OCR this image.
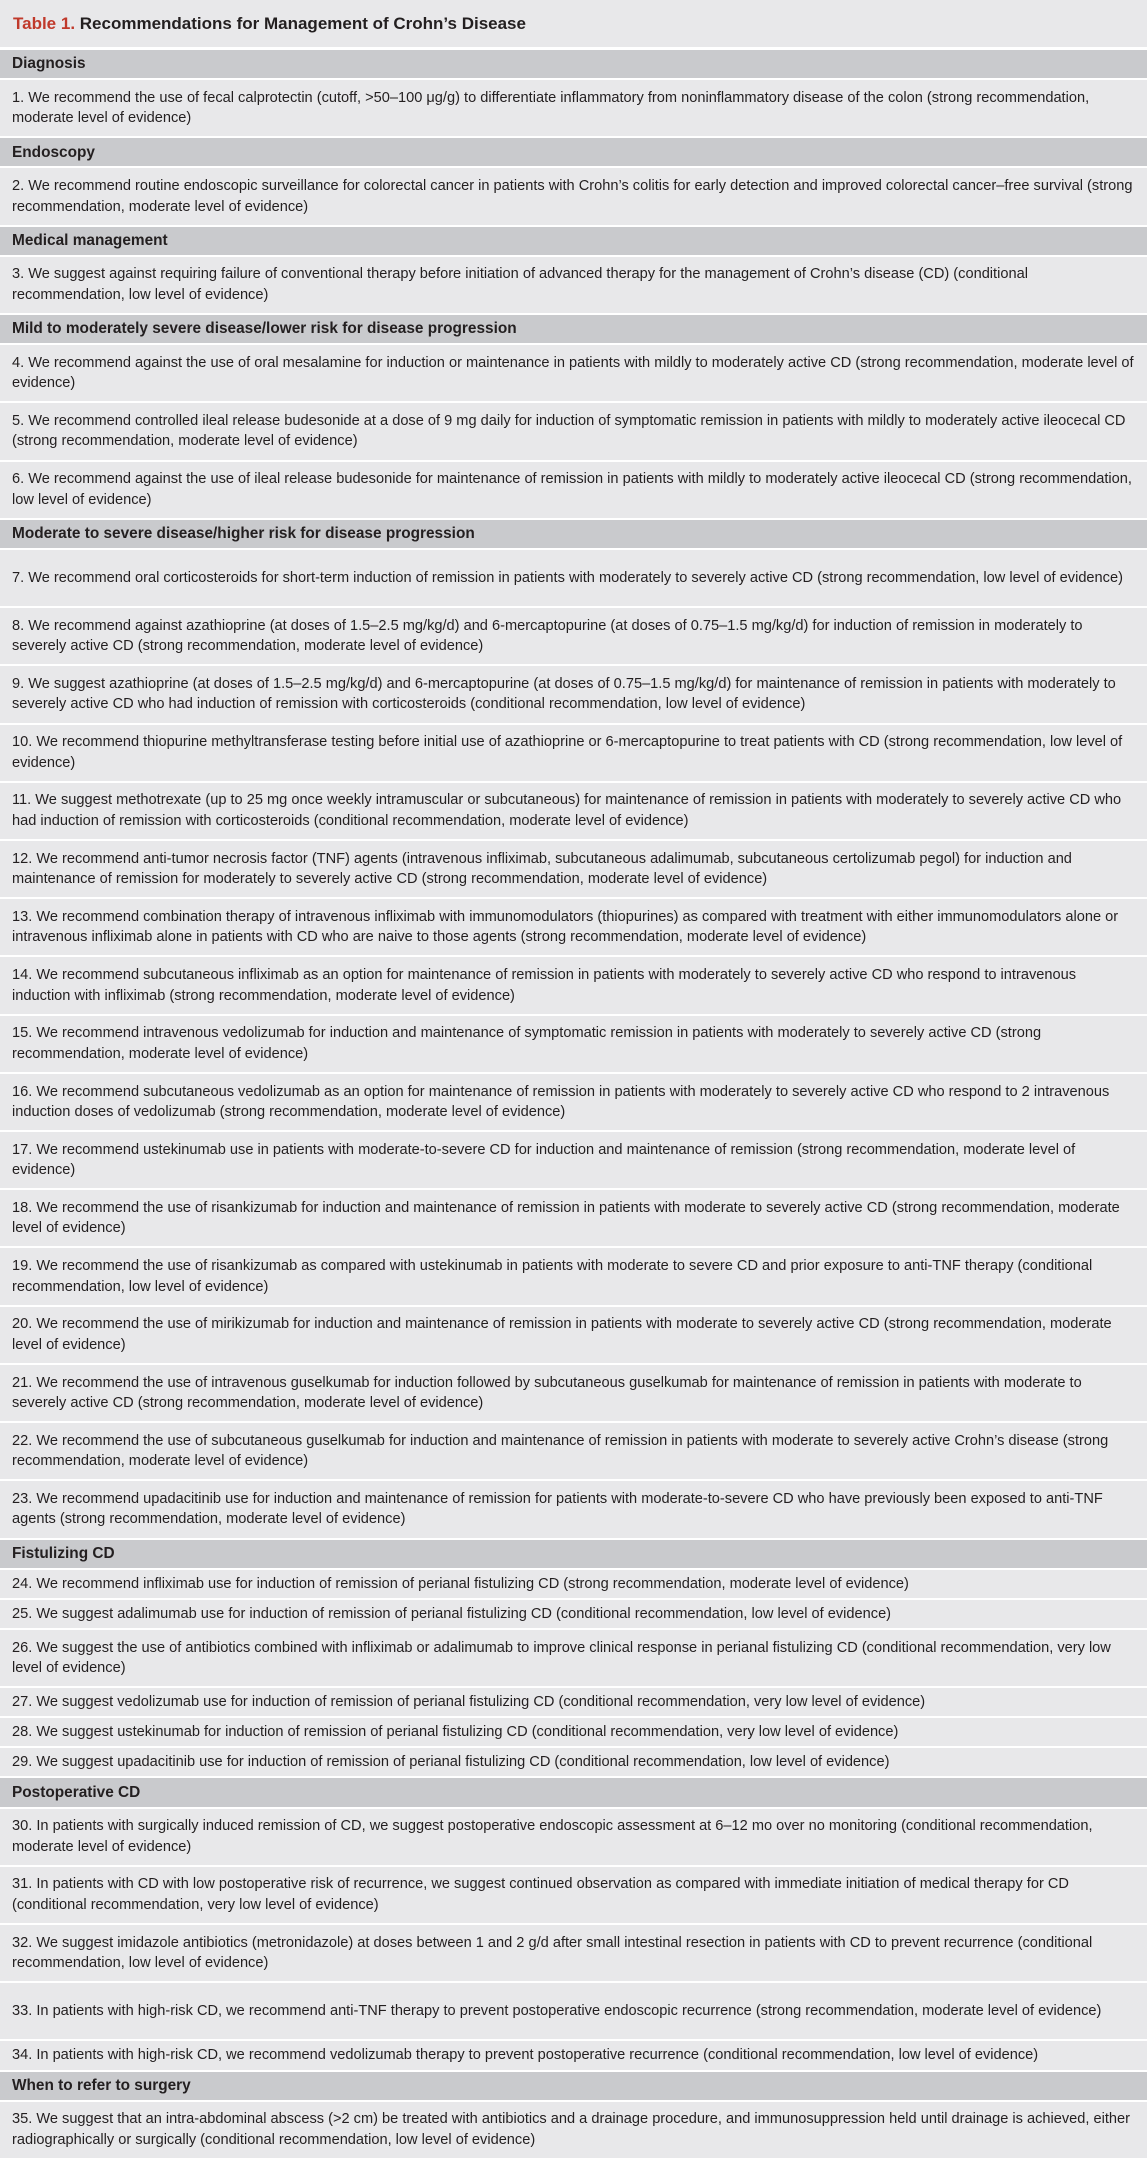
Table 1. Recommendations for Management of Crohn’s Disease
Diagnosis
1. We recommend the use of fecal calprotectin (cutoff, >50–100 μg/g) to differentiate inflammatory from noninflammatory disease of the colon (strong recommendation, moderate level of evidence)
Endoscopy
2. We recommend routine endoscopic surveillance for colorectal cancer in patients with Crohn’s colitis for early detection and improved colorectal cancer–free survival (strong recommendation, moderate level of evidence)
Medical management
3. We suggest against requiring failure of conventional therapy before initiation of advanced therapy for the management of Crohn’s disease (CD) (conditional recommendation, low level of evidence)
Mild to moderately severe disease/lower risk for disease progression
4. We recommend against the use of oral mesalamine for induction or maintenance in patients with mildly to moderately active CD (strong recommendation, moderate level of evidence)
5. We recommend controlled ileal release budesonide at a dose of 9 mg daily for induction of symptomatic remission in patients with mildly to moderately active ileocecal CD (strong recommendation, moderate level of evidence)
6. We recommend against the use of ileal release budesonide for maintenance of remission in patients with mildly to moderately active ileocecal CD (strong recommendation, low level of evidence)
Moderate to severe disease/higher risk for disease progression
7. We recommend oral corticosteroids for short-term induction of remission in patients with moderately to severely active CD (strong recommendation, low level of evidence)
8. We recommend against azathioprine (at doses of 1.5–2.5 mg/kg/d) and 6-mercaptopurine (at doses of 0.75–1.5 mg/kg/d) for induction of remission in moderately to severely active CD (strong recommendation, moderate level of evidence)
9. We suggest azathioprine (at doses of 1.5–2.5 mg/kg/d) and 6-mercaptopurine (at doses of 0.75–1.5 mg/kg/d) for maintenance of remission in patients with moderately to severely active CD who had induction of remission with corticosteroids (conditional recommendation, low level of evidence)
10. We recommend thiopurine methyltransferase testing before initial use of azathioprine or 6-mercaptopurine to treat patients with CD (strong recommendation, low level of evidence)
11. We suggest methotrexate (up to 25 mg once weekly intramuscular or subcutaneous) for maintenance of remission in patients with moderately to severely active CD who had induction of remission with corticosteroids (conditional recommendation, moderate level of evidence)
12. We recommend anti-tumor necrosis factor (TNF) agents (intravenous infliximab, subcutaneous adalimumab, subcutaneous certolizumab pegol) for induction and maintenance of remission for moderately to severely active CD (strong recommendation, moderate level of evidence)
13. We recommend combination therapy of intravenous infliximab with immunomodulators (thiopurines) as compared with treatment with either immunomodulators alone or intravenous infliximab alone in patients with CD who are naive to those agents (strong recommendation, moderate level of evidence)
14. We recommend subcutaneous infliximab as an option for maintenance of remission in patients with moderately to severely active CD who respond to intravenous induction with infliximab (strong recommendation, moderate level of evidence)
15. We recommend intravenous vedolizumab for induction and maintenance of symptomatic remission in patients with moderately to severely active CD (strong recommendation, moderate level of evidence)
16. We recommend subcutaneous vedolizumab as an option for maintenance of remission in patients with moderately to severely active CD who respond to 2 intravenous induction doses of vedolizumab (strong recommendation, moderate level of evidence)
17. We recommend ustekinumab use in patients with moderate-to-severe CD for induction and maintenance of remission (strong recommendation, moderate level of evidence)
18. We recommend the use of risankizumab for induction and maintenance of remission in patients with moderate to severely active CD (strong recommendation, moderate level of evidence)
19. We recommend the use of risankizumab as compared with ustekinumab in patients with moderate to severe CD and prior exposure to anti-TNF therapy (conditional recommendation, low level of evidence)
20. We recommend the use of mirikizumab for induction and maintenance of remission in patients with moderate to severely active CD (strong recommendation, moderate level of evidence)
21. We recommend the use of intravenous guselkumab for induction followed by subcutaneous guselkumab for maintenance of remission in patients with moderate to severely active CD (strong recommendation, moderate level of evidence)
22. We recommend the use of subcutaneous guselkumab for induction and maintenance of remission in patients with moderate to severely active Crohn’s disease (strong recommendation, moderate level of evidence)
23. We recommend upadacitinib use for induction and maintenance of remission for patients with moderate-to-severe CD who have previously been exposed to anti-TNF agents (strong recommendation, moderate level of evidence)
Fistulizing CD
24. We recommend infliximab use for induction of remission of perianal fistulizing CD (strong recommendation, moderate level of evidence)
25. We suggest adalimumab use for induction of remission of perianal fistulizing CD (conditional recommendation, low level of evidence)
26. We suggest the use of antibiotics combined with infliximab or adalimumab to improve clinical response in perianal fistulizing CD (conditional recommendation, very low level of evidence)
27. We suggest vedolizumab use for induction of remission of perianal fistulizing CD (conditional recommendation, very low level of evidence)
28. We suggest ustekinumab for induction of remission of perianal fistulizing CD (conditional recommendation, very low level of evidence)
29. We suggest upadacitinib use for induction of remission of perianal fistulizing CD (conditional recommendation, low level of evidence)
Postoperative CD
30. In patients with surgically induced remission of CD, we suggest postoperative endoscopic assessment at 6–12 mo over no monitoring (conditional recommendation, moderate level of evidence)
31. In patients with CD with low postoperative risk of recurrence, we suggest continued observation as compared with immediate initiation of medical therapy for CD (conditional recommendation, very low level of evidence)
32. We suggest imidazole antibiotics (metronidazole) at doses between 1 and 2 g/d after small intestinal resection in patients with CD to prevent recurrence (conditional recommendation, low level of evidence)
33. In patients with high-risk CD, we recommend anti-TNF therapy to prevent postoperative endoscopic recurrence (strong recommendation, moderate level of evidence)
34. In patients with high-risk CD, we recommend vedolizumab therapy to prevent postoperative recurrence (conditional recommendation, low level of evidence)
When to refer to surgery
35. We suggest that an intra-abdominal abscess (>2 cm) be treated with antibiotics and a drainage procedure, and immunosuppression held until drainage is achieved, either radiographically or surgically (conditional recommendation, low level of evidence)
